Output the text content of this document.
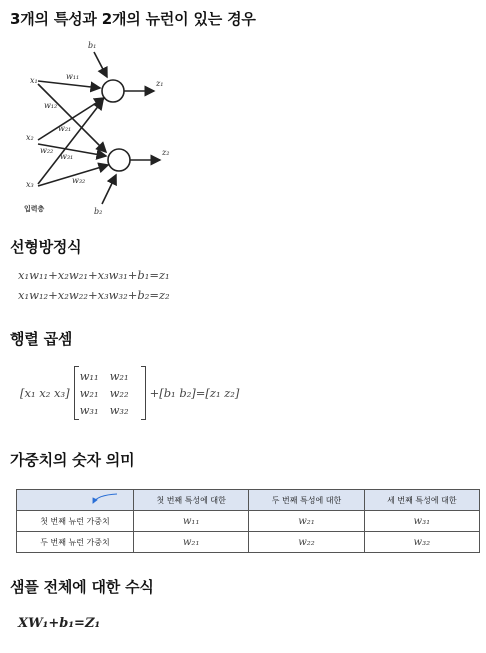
3개의 특성과 2개의 뉴런이 있는 경우
x₁
x₂
x₃
b₁
b₂
z₁
z₂
w₁₁
w₁₂
w₂₁
w₂₂
w₃₁
w₃₂
입력층
선형방정식
x₁w₁₁+x₂w₂₁+x₃w₃₁+b₁=z₁
x₁w₁₂+x₂w₂₂+x₃w₃₂+b₂=z₂
행렬 곱셈
[x₁ x₂ x₃]
w₁₁ w₂₁
w₂₁ w₂₂
w₃₁ w₃₂
+[b₁ b₂]=[z₁ z₂]
가중치의 숫자 의미
	첫 번째 특성에 대한	두 번째 특성에 대한	세 번째 특성에 대한
첫 번째 뉴런 가중치	w₁₁	w₂₁	w₃₁
두 번째 뉴런 가중치	w₂₁	w₂₂	w₃₂
샘플 전체에 대한 수식
XW₁+b₁=Z₁
